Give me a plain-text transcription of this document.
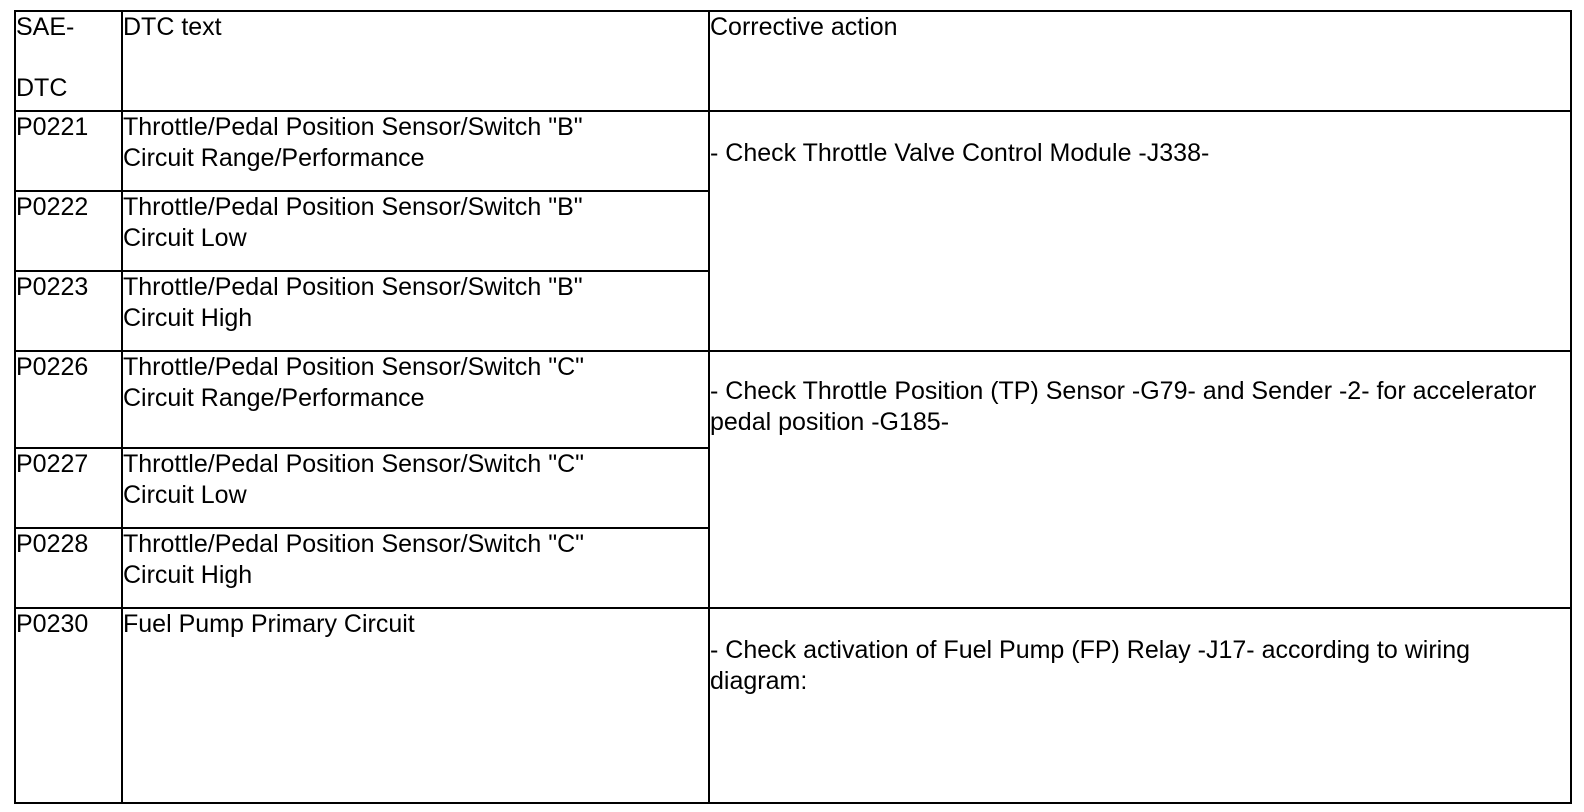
SAE-
DTC	DTC text	Corrective action
P0221	Throttle/Pedal Position Sensor/Switch "B"
Circuit Range/Performance	- Check Throttle Valve Control Module -J338-
P0222	Throttle/Pedal Position Sensor/Switch "B"
Circuit Low	

P0223	Throttle/Pedal Position Sensor/Switch "B"
Circuit High	

P0226	Throttle/Pedal Position Sensor/Switch "C"
Circuit Range/Performance	- Check Throttle Position (TP) Sensor -G79- and Sender -2- for accelerator pedal position -G185-
P0227	Throttle/Pedal Position Sensor/Switch "C"
Circuit Low	

P0228	Throttle/Pedal Position Sensor/Switch "C"
Circuit High	

P0230	Fuel Pump Primary Circuit	- Check activation of Fuel Pump (FP) Relay -J17- according to wiring diagram:
